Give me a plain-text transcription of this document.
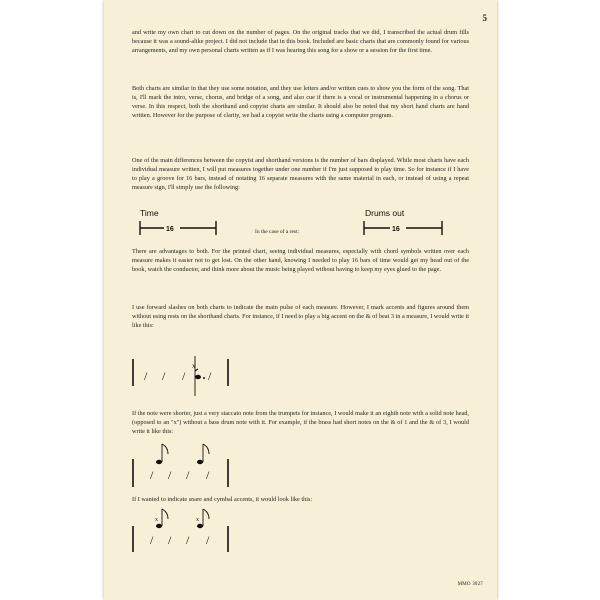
5

and write my own chart to cut down on the number of pages. On the original tracks that we did, I transcribed the actual drum fills because it was a sound-alike project. I did not include that in this book. Included are basic charts that are commonly found for various arrangements, and my own personal charts written as if I was hearing this song for a show or a session for the first time.

Both charts are similar in that they use some notation, and they use letters and/or written cues to show you the form of the song. That is, I'll mark the intro, verse, chorus, and bridge of a song, and also cue if there is a vocal or instrumental happening in a chorus or verse. In this respect, both the shorthand and copyist charts are similar. It should also be noted that my short hand charts are hand written. However for the purpose of clarity, we had a copyist write the charts using a computer program.

One of the main differences between the copyist and shorthand versions is the number of bars displayed. While most charts have each individual measure written, I will put measures together under one number if I'm just supposed to play time. So for instance if I have to play a groove for 16 bars, instead of notating 16 separate measures with the same material in each, or instead of using a repeat measure sign, I'll simply use the following:

Time
16	In the case of a rest:
Drums out
16

There are advantages to both. For the printed chart, seeing individual measures, especially with chord symbols written over each measure makes it easier not to get lost. On the other hand, knowing I needed to play 16 bars of time would get my head out of the book, watch the conductor, and think more about the music being played without having to keep my eyes glued to the page.

I use forward slashes on both charts to indicate the main pulse of each measure. However, I mark accents and figures around them without using rests on the shorthand charts. For instance, if I need to play a big accent on the & of beat 3 in a measure, I would write it like this:

/ / /
x
/

If the note were shorter, just a very staccato note from the trumpets for instance, I would make it an eighth note with a solid note head, (opposed to an "x") without a bass drum note with it. For example, if the brass had short notes on the & of 1 and the & of 3, I would write it like this:

/ / / /

If I wanted to indicate snare and cymbal accents, it would look like this:

x
/ / /
x
/
MMO 3027
